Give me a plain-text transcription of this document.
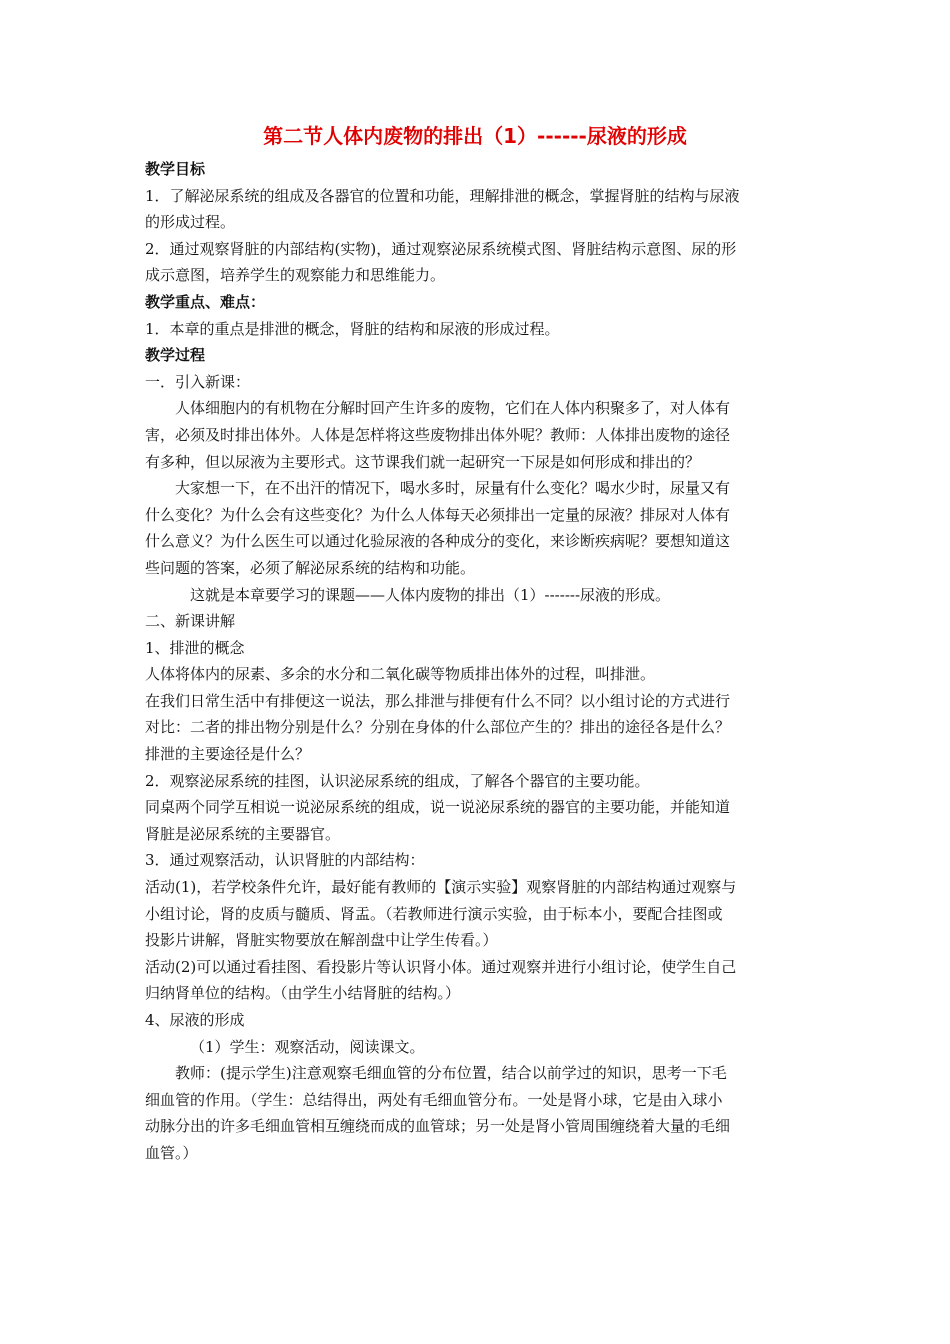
第二节人体内废物的排出（1）------尿液的形成
教学目标
1．了解泌尿系统的组成及各器官的位置和功能，理解排泄的概念，掌握肾脏的结构与尿液
的形成过程。
2．通过观察肾脏的内部结构(实物)，通过观察泌尿系统模式图、肾脏结构示意图、尿的形
成示意图，培养学生的观察能力和思维能力。
教学重点、难点：
1．本章的重点是排泄的概念，肾脏的结构和尿液的形成过程。
教学过程
一．引入新课：
人体细胞内的有机物在分解时回产生许多的废物，它们在人体内积聚多了，对人体有
害，必须及时排出体外。人体是怎样将这些废物排出体外呢？教师：人体排出废物的途径
有多种，但以尿液为主要形式。这节课我们就一起研究一下尿是如何形成和排出的？
大家想一下，在不出汗的情况下，喝水多时，尿量有什么变化？喝水少时，尿量又有
什么变化？为什么会有这些变化？为什么人体每天必须排出一定量的尿液？排尿对人体有
什么意义？为什么医生可以通过化验尿液的各种成分的变化，来诊断疾病呢？要想知道这
些问题的答案，必须了解泌尿系统的结构和功能。
这就是本章要学习的课题——人体内废物的排出（1）-------尿液的形成。
二、新课讲解
1、排泄的概念
人体将体内的尿素、多余的水分和二氧化碳等物质排出体外的过程，叫排泄。
在我们日常生活中有排便这一说法，那么排泄与排便有什么不同？以小组讨论的方式进行
对比：二者的排出物分别是什么？分别在身体的什么部位产生的？排出的途径各是什么？
排泄的主要途径是什么？
2．观察泌尿系统的挂图，认识泌尿系统的组成，了解各个器官的主要功能。
同桌两个同学互相说一说泌尿系统的组成，说一说泌尿系统的器官的主要功能，并能知道
肾脏是泌尿系统的主要器官。
3．通过观察活动，认识肾脏的内部结构：
活动(1)，若学校条件允许，最好能有教师的【演示实验】观察肾脏的内部结构通过观察与
小组讨论，肾的皮质与髓质、肾盂。（若教师进行演示实验，由于标本小，要配合挂图或
投影片讲解，肾脏实物要放在解剖盘中让学生传看。）
活动(2)可以通过看挂图、看投影片等认识肾小体。通过观察并进行小组讨论，使学生自己
归纳肾单位的结构。（由学生小结肾脏的结构。）
4、尿液的形成
（1）学生：观察活动，阅读课文。
教师：(提示学生)注意观察毛细血管的分布位置，结合以前学过的知识，思考一下毛
细血管的作用。（学生：总结得出，两处有毛细血管分布。一处是肾小球，它是由入球小
动脉分出的许多毛细血管相互缠绕而成的血管球；另一处是肾小管周围缠绕着大量的毛细
血管。）
